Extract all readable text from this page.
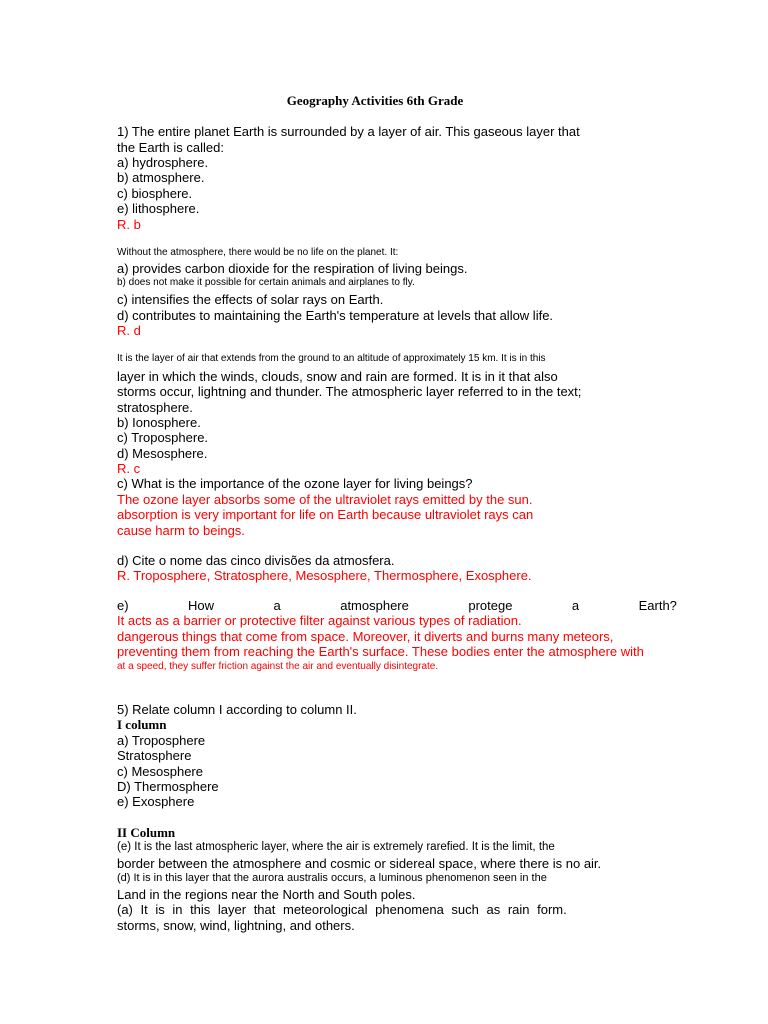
Geography Activities 6th Grade
1) The entire planet Earth is surrounded by a layer of air. This gaseous layer that
the Earth is called:
a) hydrosphere.
b) atmosphere.
c) biosphere.
e) lithosphere.
R. b
Without the atmosphere, there would be no life on the planet. It:
a) provides carbon dioxide for the respiration of living beings.
b) does not make it possible for certain animals and airplanes to fly.
c) intensifies the effects of solar rays on Earth.
d) contributes to maintaining the Earth's temperature at levels that allow life.
R. d
It is the layer of air that extends from the ground to an altitude of approximately 15 km. It is in this
layer in which the winds, clouds, snow and rain are formed. It is in it that also
storms occur, lightning and thunder. The atmospheric layer referred to in the text;
stratosphere.
b) Ionosphere.
c) Troposphere.
d) Mesosphere.
R. c
c) What is the importance of the ozone layer for living beings?
The ozone layer absorbs some of the ultraviolet rays emitted by the sun.
absorption is very important for life on Earth because ultraviolet rays can
cause harm to beings.
d) Cite o nome das cinco divisões da atmosfera.
R. Troposphere, Stratosphere, Mesosphere, Thermosphere, Exosphere.
e)	How	a	atmosphere	protege	a	Earth?
It acts as a barrier or protective filter against various types of radiation.
dangerous things that come from space. Moreover, it diverts and burns many meteors,
preventing them from reaching the Earth's surface. These bodies enter the atmosphere with
at a speed, they suffer friction against the air and eventually disintegrate.
5) Relate column I according to column II.
I column
a) Troposphere
Stratosphere
c) Mesosphere
D) Thermosphere
e) Exosphere
II Column
(e) It is the last atmospheric layer, where the air is extremely rarefied. It is the limit, the
border between the atmosphere and cosmic or sidereal space, where there is no air.
(d) It is in this layer that the aurora australis occurs, a luminous phenomenon seen in the
Land in the regions near the North and South poles.
(a) It is in this layer that meteorological phenomena such as rain form.
storms, snow, wind, lightning, and others.
